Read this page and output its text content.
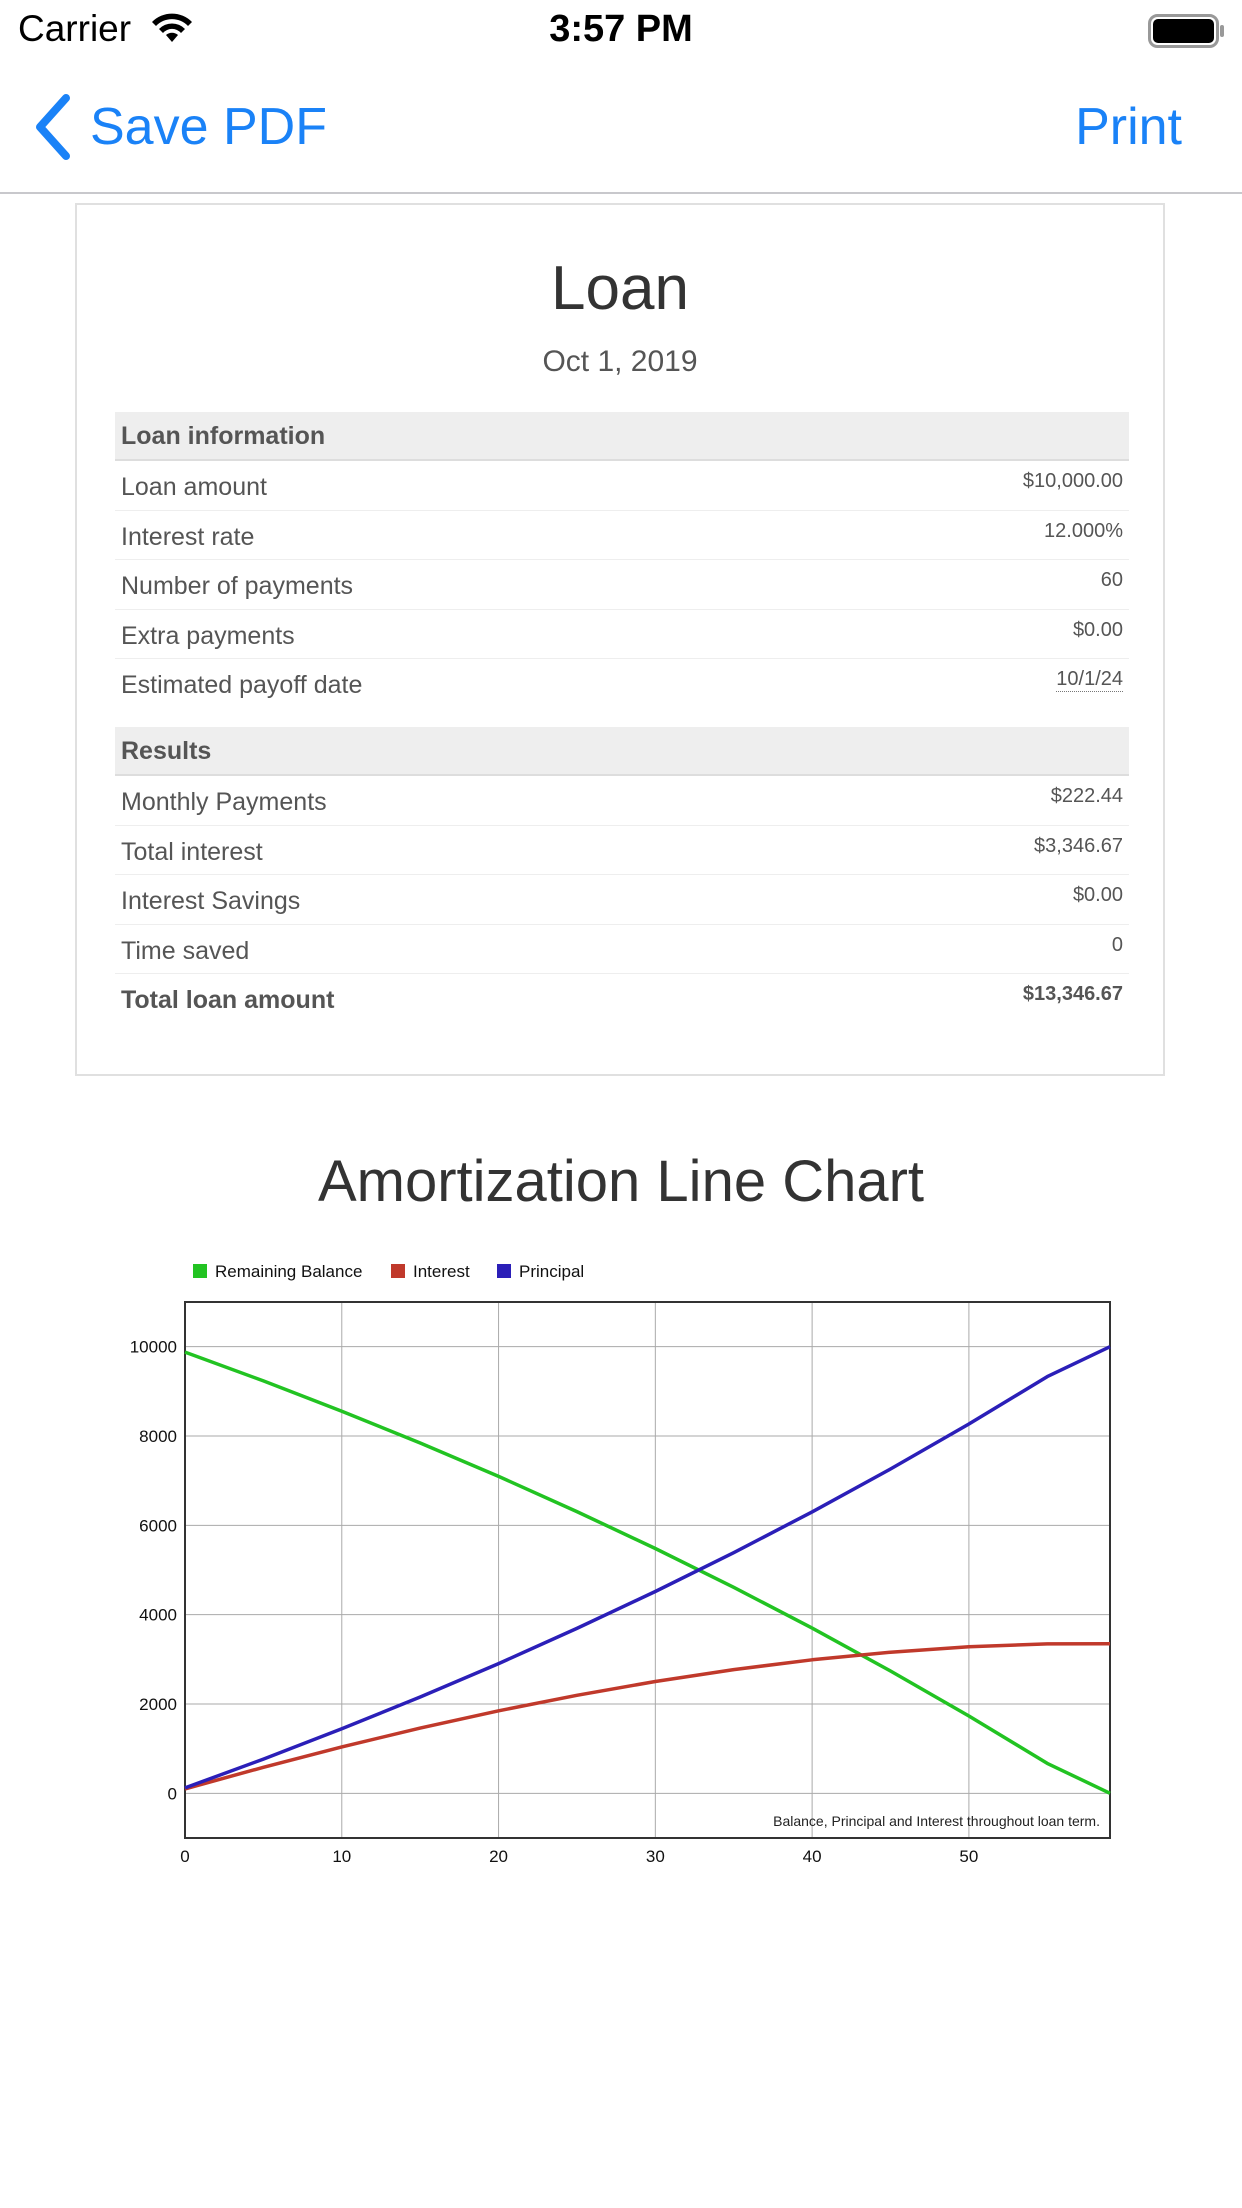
Carrier	3:57 PM
Save PDF	Print
Loan
Oct 1, 2019
Loan information
Loan amount	$10,000.00
Interest rate	12.000%
Number of payments	60
Extra payments	$0.00
Estimated payoff date	10/1/24
Results
Monthly Payments	$222.44
Total interest	$3,346.67
Interest Savings	$0.00
Time saved	0
Total loan amount	$13,346.67
Amortization Line Chart
Remaining Balance	Interest	Principal
0
2000
4000
6000
8000
10000
0	10	20	30	40	50
Balance, Principal and Interest throughout loan term.
